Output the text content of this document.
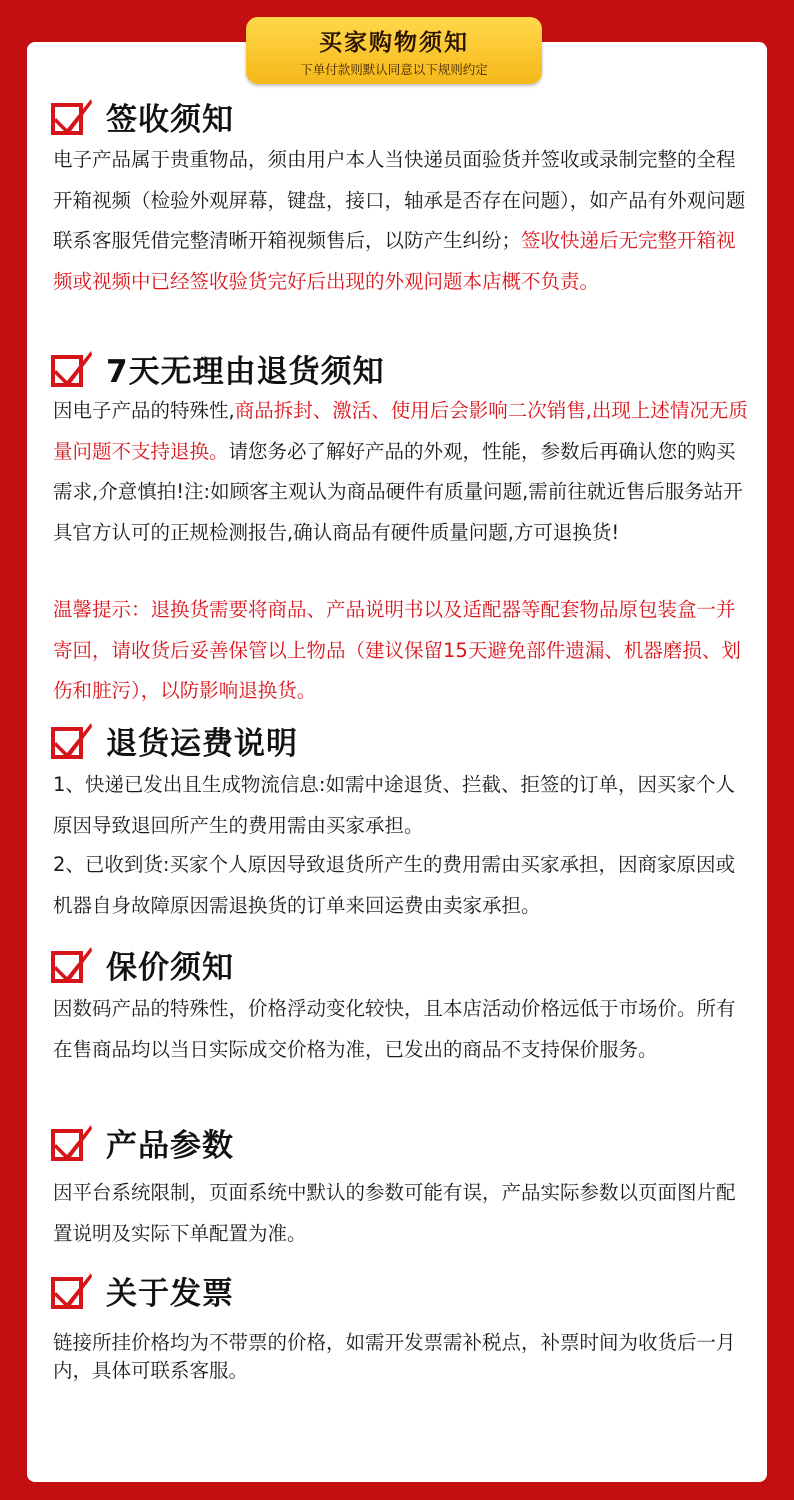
买家购物须知
下单付款则默认同意以下规则约定
签收须知
电子产品属于贵重物品，须由用户本人当快递员面验货并签收或录制完整的全程开箱视频（检验外观屏幕，键盘，接口，轴承是否存在问题），如产品有外观问题联系客服凭借完整清晰开箱视频售后，以防产生纠纷；签收快递后无完整开箱视频或视频中已经签收验货完好后出现的外观问题本店概不负责。
7天无理由退货须知
因电子产品的特殊性,商品拆封、激活、使用后会影响二次销售,出现上述情况无质量问题不支持退换。请您务必了解好产品的外观，性能，参数后再确认您的购买需求,介意慎拍!注:如顾客主观认为商品硬件有质量问题,需前往就近售后服务站开具官方认可的正规检测报告,确认商品有硬件质量问题,方可退换货!
温馨提示：退换货需要将商品、产品说明书以及适配器等配套物品原包装盒一并寄回，请收货后妥善保管以上物品（建议保留15天避免部件遗漏、机器磨损、划伤和脏污），以防影响退换货。
退货运费说明
1、快递已发出且生成物流信息:如需中途退货、拦截、拒签的订单，因买家个人原因导致退回所产生的费用需由买家承担。
2、已收到货:买家个人原因导致退货所产生的费用需由买家承担，因商家原因或机器自身故障原因需退换货的订单来回运费由卖家承担。
保价须知
因数码产品的特殊性，价格浮动变化较快，且本店活动价格远低于市场价。所有在售商品均以当日实际成交价格为准，已发出的商品不支持保价服务。
产品参数
因平台系统限制，页面系统中默认的参数可能有误，产品实际参数以页面图片配置说明及实际下单配置为准。
关于发票
链接所挂价格均为不带票的价格，如需开发票需补税点，补票时间为收货后一月内，具体可联系客服。
